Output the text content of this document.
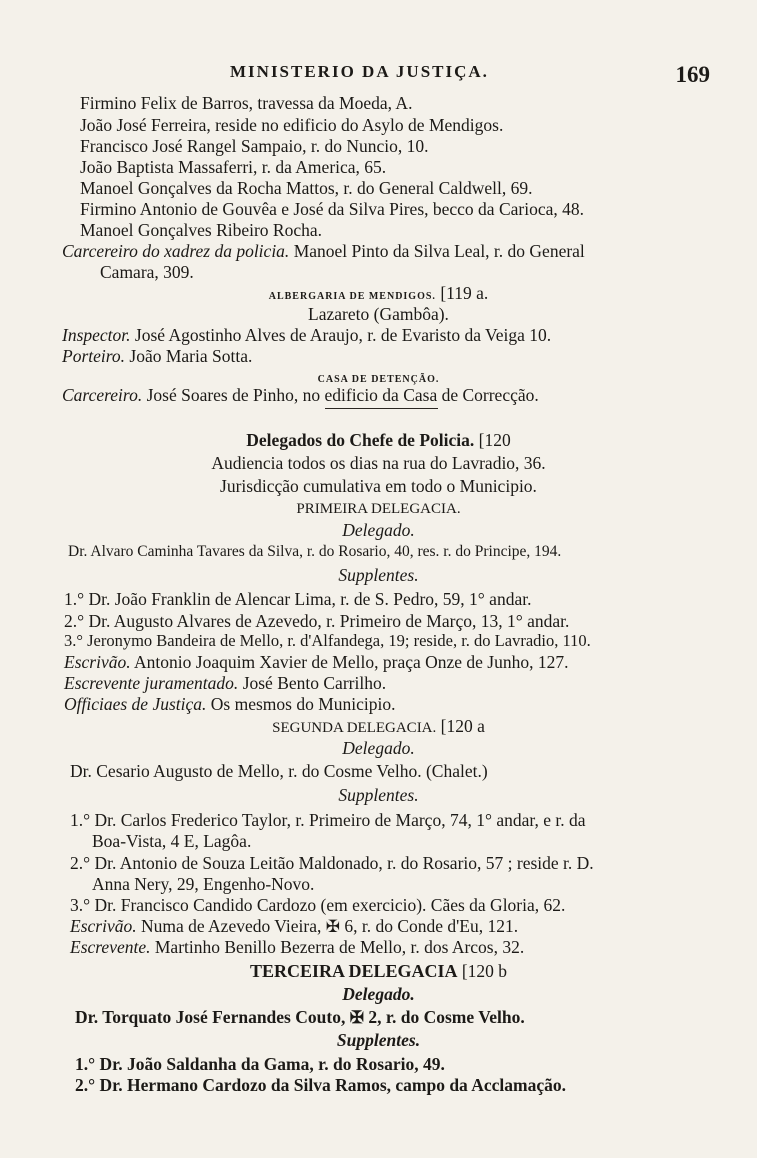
MINISTERIO DA JUSTIÇA.	169
Firmino Felix de Barros, travessa da Moeda, A.
João José Ferreira, reside no edificio do Asylo de Mendigos.
Francisco José Rangel Sampaio, r. do Nuncio, 10.
João Baptista Massaferri, r. da America, 65.
Manoel Gonçalves da Rocha Mattos, r. do General Caldwell, 69.
Firmino Antonio de Gouvêa e José da Silva Pires, becco da Carioca, 48.
Manoel Gonçalves Ribeiro Rocha.
Carcereiro do xadrez da policia. Manoel Pinto da Silva Leal, r. do General
Camara, 309.
ALBERGARIA DE MENDIGOS. [119 a.
Lazareto (Gambôa).
Inspector. José Agostinho Alves de Araujo, r. de Evaristo da Veiga 10.
Porteiro. João Maria Sotta.
CASA DE DETENÇÃO.
Carcereiro. José Soares de Pinho, no edificio da Casa de Correcção.
Delegados do Chefe de Policia. [120
Audiencia todos os dias na rua do Lavradio, 36.
Jurisdicção cumulativa em todo o Municipio.
PRIMEIRA DELEGACIA.
Delegado.
Dr. Alvaro Caminha Tavares da Silva, r. do Rosario, 40, res. r. do Principe, 194.
Supplentes.
1.° Dr. João Franklin de Alencar Lima, r. de S. Pedro, 59, 1° andar.
2.° Dr. Augusto Alvares de Azevedo, r. Primeiro de Março, 13, 1° andar.
3.° Jeronymo Bandeira de Mello, r. d'Alfandega, 19; reside, r. do Lavradio, 110.
Escrivão. Antonio Joaquim Xavier de Mello, praça Onze de Junho, 127.
Escrevente juramentado. José Bento Carrilho.
Officiaes de Justiça. Os mesmos do Municipio.
SEGUNDA DELEGACIA. [120 a
Delegado.
Dr. Cesario Augusto de Mello, r. do Cosme Velho. (Chalet.)
Supplentes.
1.° Dr. Carlos Frederico Taylor, r. Primeiro de Março, 74, 1° andar, e r. da
Boa-Vista, 4 E, Lagôa.
2.° Dr. Antonio de Souza Leitão Maldonado, r. do Rosario, 57 ; reside r. D.
Anna Nery, 29, Engenho-Novo.
3.° Dr. Francisco Candido Cardozo (em exercicio). Cães da Gloria, 62.
Escrivão. Numa de Azevedo Vieira, ✠ 6, r. do Conde d'Eu, 121.
Escrevente. Martinho Benillo Bezerra de Mello, r. dos Arcos, 32.
TERCEIRA DELEGACIA [120 b
Delegado.
Dr. Torquato José Fernandes Couto, ✠ 2, r. do Cosme Velho.
Supplentes.
1.° Dr. João Saldanha da Gama, r. do Rosario, 49.
2.° Dr. Hermano Cardozo da Silva Ramos, campo da Acclamação.
